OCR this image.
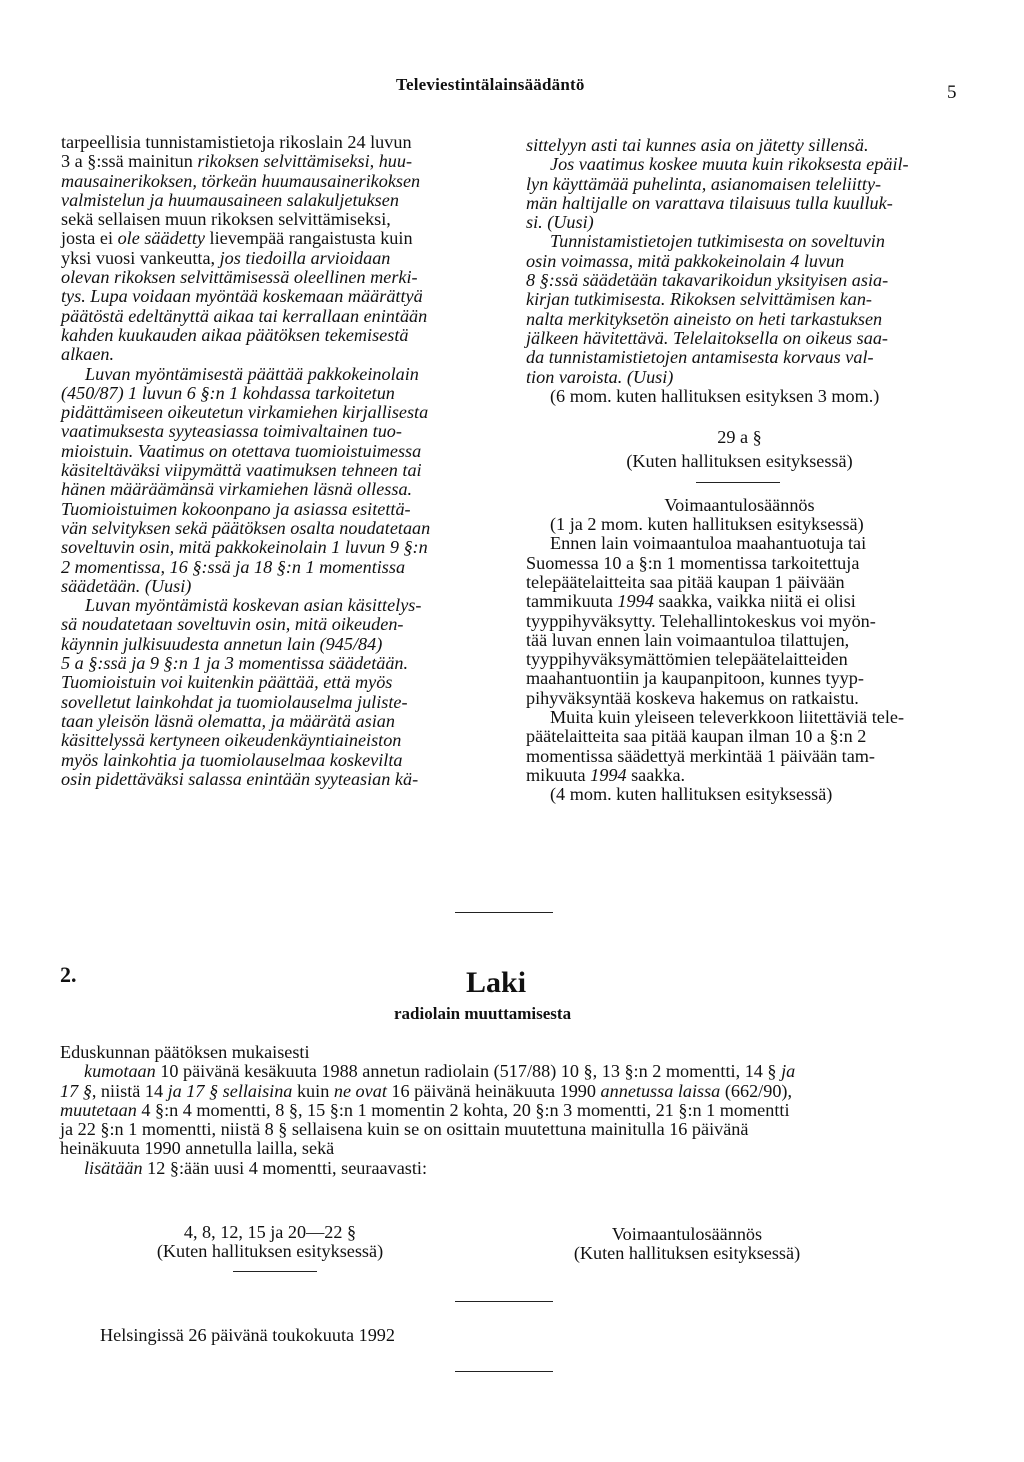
Televiestintälainsäädäntö	5

tarpeellisia tunnistamistietoja rikoslain 24 luvun
3 a §:ssä mainitun rikoksen selvittämiseksi, huu-
mausainerikoksen, törkeän huumausainerikoksen
valmistelun ja huumausaineen salakuljetuksen
sekä sellaisen muun rikoksen selvittämiseksi,
josta ei ole säädetty lievempää rangaistusta kuin
yksi vuosi vankeutta, jos tiedoilla arvioidaan
olevan rikoksen selvittämisessä oleellinen merki-
tys. Lupa voidaan myöntää koskemaan määrättyä
päätöstä edeltänyttä aikaa tai kerrallaan enintään
kahden kuukauden aikaa päätöksen tekemisestä
alkaen.

Luvan myöntämisestä päättää pakkokeinolain
(450/87) 1 luvun 6 §:n 1 kohdassa tarkoitetun
pidättämiseen oikeutetun virkamiehen kirjallisesta
vaatimuksesta syyteasiassa toimivaltainen tuo-
mioistuin. Vaatimus on otettava tuomioistuimessa
käsiteltäväksi viipymättä vaatimuksen tehneen tai
hänen määräämänsä virkamiehen läsnä ollessa.
Tuomioistuimen kokoonpano ja asiassa esitettä-
vän selvityksen sekä päätöksen osalta noudatetaan
soveltuvin osin, mitä pakkokeinolain 1 luvun 9 §:n
2 momentissa, 16 §:ssä ja 18 §:n 1 momentissa
säädetään. (Uusi)

Luvan myöntämistä koskevan asian käsittelys-
sä noudatetaan soveltuvin osin, mitä oikeuden-
käynnin julkisuudesta annetun lain (945/84)
5 a §:ssä ja 9 §:n 1 ja 3 momentissa säädetään.
Tuomioistuin voi kuitenkin päättää, että myös
sovelletut lainkohdat ja tuomiolauselma juliste-
taan yleisön läsnä olematta, ja määrätä asian
käsittelyssä kertyneen oikeudenkäyntiaineiston
myös lainkohtia ja tuomiolauselmaa koskevilta
osin pidettäväksi salassa enintään syyteasian kä-

sittelyyn asti tai kunnes asia on jätetty sillensä.

Jos vaatimus koskee muuta kuin rikoksesta epäil-
lyn käyttämää puhelinta, asianomaisen teleliitty-
män haltijalle on varattava tilaisuus tulla kuulluk-
si. (Uusi)

Tunnistamistietojen tutkimisesta on soveltuvin
osin voimassa, mitä pakkokeinolain 4 luvun
8 §:ssä säädetään takavarikoidun yksityisen asia-
kirjan tutkimisesta. Rikoksen selvittämisen kan-
nalta merkityksetön aineisto on heti tarkastuksen
jälkeen hävitettävä. Telelaitoksella on oikeus saa-
da tunnistamistietojen antamisesta korvaus val-
tion varoista. (Uusi)

(6 mom. kuten hallituksen esityksen 3 mom.)

29 a §

(Kuten hallituksen esityksessä)

Voimaantulosäännös

(1 ja 2 mom. kuten hallituksen esityksessä)

Ennen lain voimaantuloa maahantuotuja tai
Suomessa 10 a §:n 1 momentissa tarkoitettuja
telepäätelaitteita saa pitää kaupan 1 päivään
tammikuuta 1994 saakka, vaikka niitä ei olisi
tyyppihyväksytty. Telehallintokeskus voi myön-
tää luvan ennen lain voimaantuloa tilattujen,
tyyppihyväksymättömien telepäätelaitteiden
maahantuontiin ja kaupanpitoon, kunnes tyyp-
pihyväksyntää koskeva hakemus on ratkaistu.

Muita kuin yleiseen televerkkoon liitettäviä tele-
päätelaitteita saa pitää kaupan ilman 10 a §:n 2
momentissa säädettyä merkintää 1 päivään tam-
mikuuta 1994 saakka.

(4 mom. kuten hallituksen esityksessä)

2.	Laki
radiolain muuttamisesta

Eduskunnan päätöksen mukaisesti

kumotaan 10 päivänä kesäkuuta 1988 annetun radiolain (517/88) 10 §, 13 §:n 2 momentti, 14 § ja
17 §, niistä 14 ja 17 § sellaisina kuin ne ovat 16 päivänä heinäkuuta 1990 annetussa laissa (662/90),
muutetaan 4 §:n 4 momentti, 8 §, 15 §:n 1 momentin 2 kohta, 20 §:n 3 momentti, 21 §:n 1 momentti
ja 22 §:n 1 momentti, niistä 8 § sellaisena kuin se on osittain muutettuna mainitulla 16 päivänä
heinäkuuta 1990 annetulla lailla, sekä

lisätään 12 §:ään uusi 4 momentti, seuraavasti:

4, 8, 12, 15 ja 20—22 §
(Kuten hallituksen esityksessä)
Voimaantulosäännös
(Kuten hallituksen esityksessä)
Helsingissä 26 päivänä toukokuuta 1992
